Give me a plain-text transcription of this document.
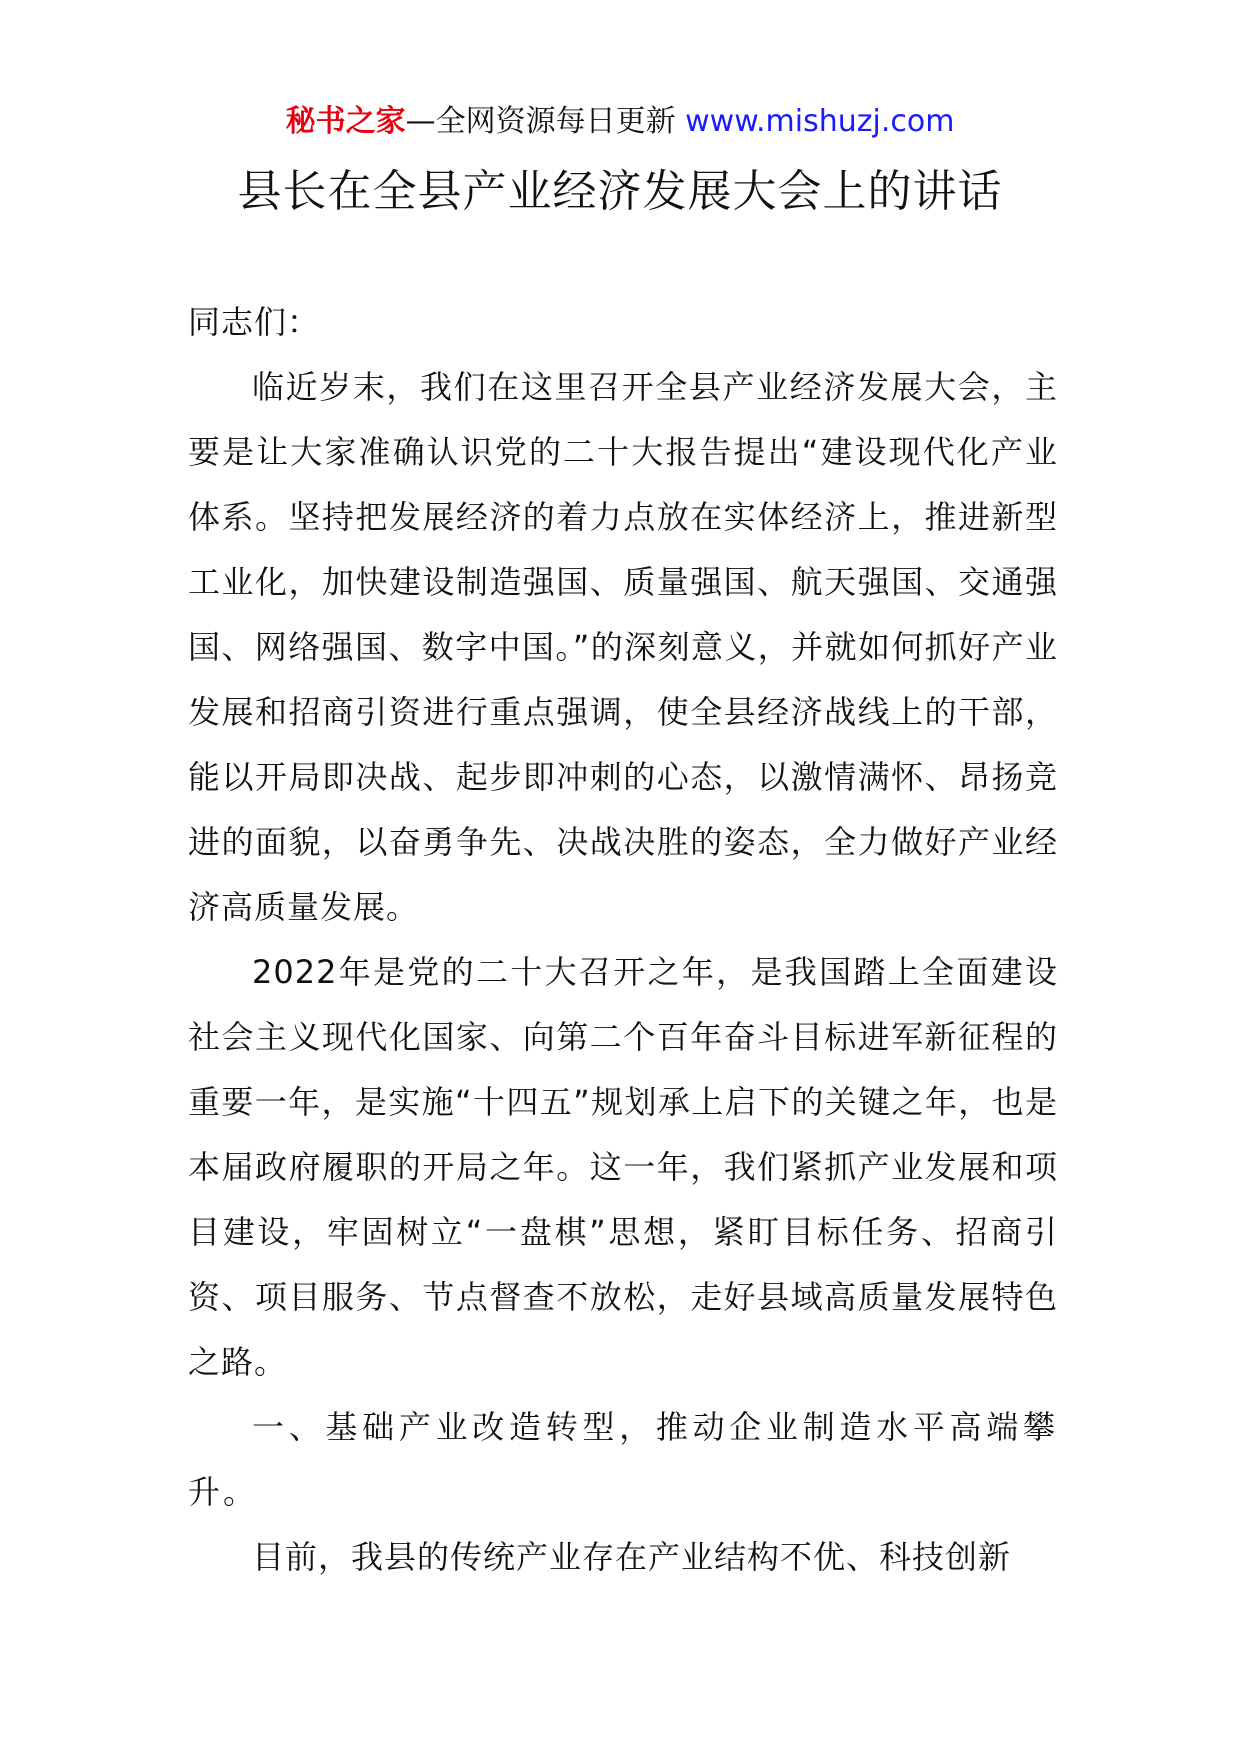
秘书之家—全网资源每日更新 www.mishuzj.com
县长在全县产业经济发展大会上的讲话

同志们：

临近岁末，我们在这里召开全县产业经济发展大会，主要是让大家准确认识党的二十大报告提出“建设现代化产业体系。坚持把发展经济的着力点放在实体经济上，推进新型工业化，加快建设制造强国、质量强国、航天强国、交通强国、网络强国、数字中国。”的深刻意义，并就如何抓好产业发展和招商引资进行重点强调，使全县经济战线上的干部，能以开局即决战、起步即冲刺的心态，以激情满怀、昂扬竞进的面貌，以奋勇争先、决战决胜的姿态，全力做好产业经济高质量发展。

2022年是党的二十大召开之年，是我国踏上全面建设社会主义现代化国家、向第二个百年奋斗目标进军新征程的重要一年，是实施“十四五”规划承上启下的关键之年，也是本届政府履职的开局之年。这一年，我们紧抓产业发展和项目建设，牢固树立“一盘棋”思想，紧盯目标任务、招商引资、项目服务、节点督查不放松，走好县域高质量发展特色之路。

一、基础产业改造转型，推动企业制造水平高端攀升。

目前，我县的传统产业存在产业结构不优、科技创新
